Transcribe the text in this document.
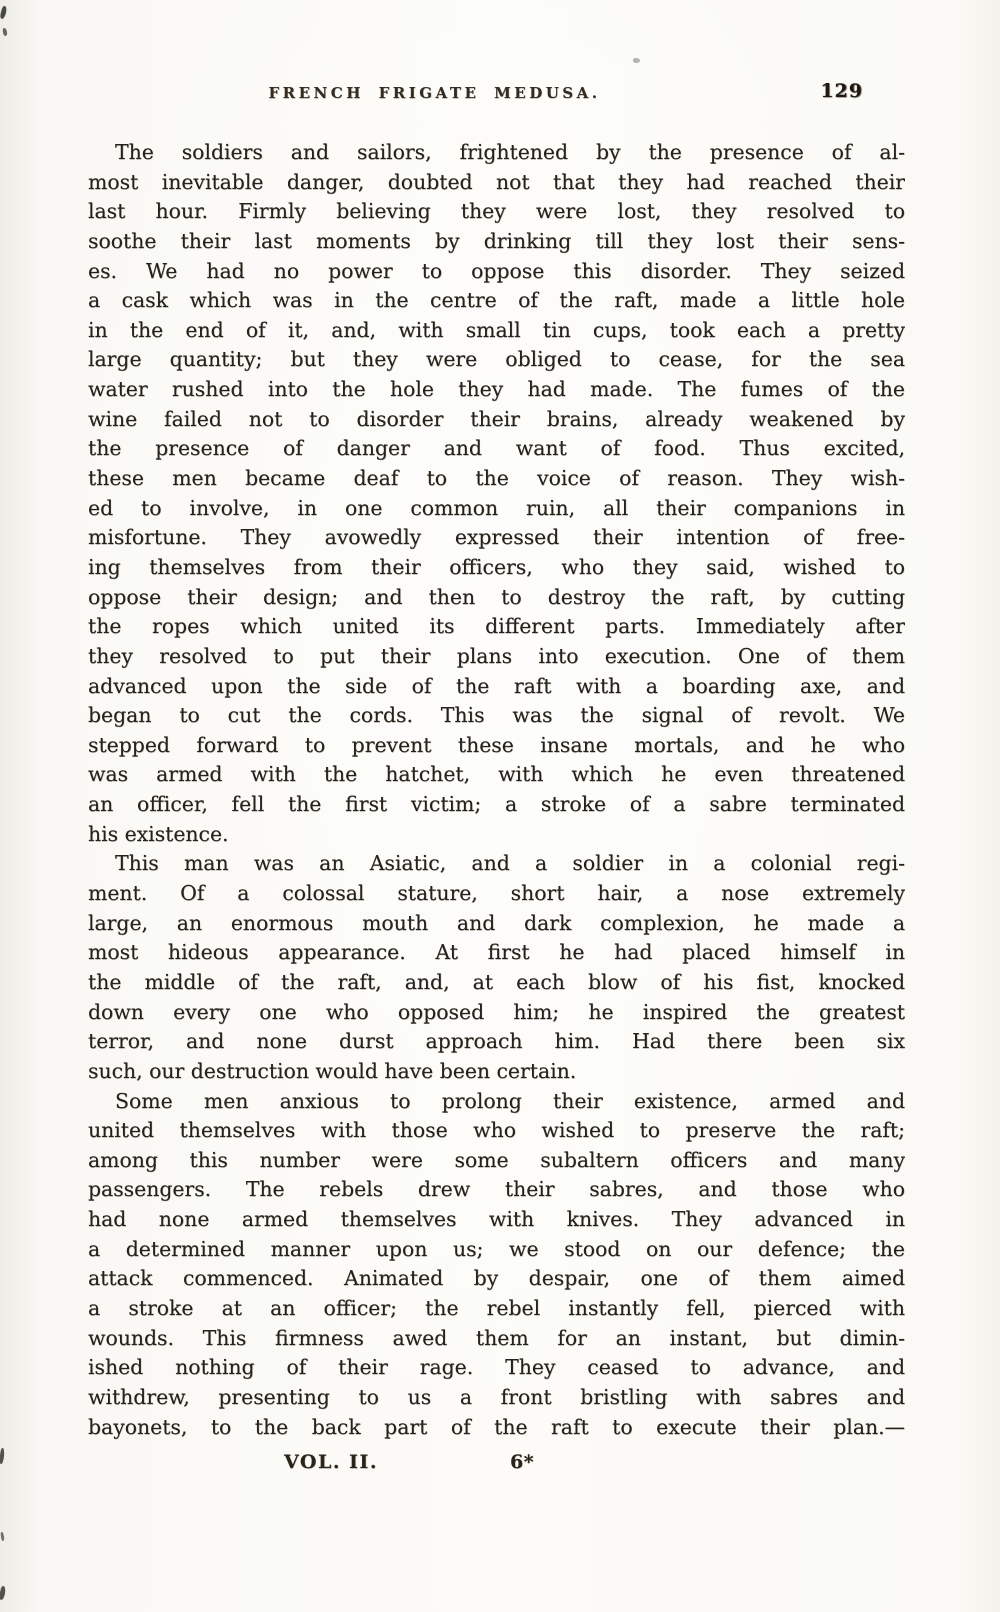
FRENCH FRIGATE MEDUSA.	129
The soldiers and sailors, frightened by the presence of al-
most inevitable danger, doubted not that they had reached their
last hour. Firmly believing they were lost, they resolved to
soothe their last moments by drinking till they lost their sens-
es. We had no power to oppose this disorder. They seized
a cask which was in the centre of the raft, made a little hole
in the end of it, and, with small tin cups, took each a pretty
large quantity; but they were obliged to cease, for the sea
water rushed into the hole they had made. The fumes of the
wine failed not to disorder their brains, already weakened by
the presence of danger and want of food. Thus excited,
these men became deaf to the voice of reason. They wish-
ed to involve, in one common ruin, all their companions in
misfortune. They avowedly expressed their intention of free-
ing themselves from their officers, who they said, wished to
oppose their design; and then to destroy the raft, by cutting
the ropes which united its different parts. Immediately after
they resolved to put their plans into execution. One of them
advanced upon the side of the raft with a boarding axe, and
began to cut the cords. This was the signal of revolt. We
stepped forward to prevent these insane mortals, and he who
was armed with the hatchet, with which he even threatened
an officer, fell the first victim; a stroke of a sabre terminated
his existence.
This man was an Asiatic, and a soldier in a colonial regi-
ment. Of a colossal stature, short hair, a nose extremely
large, an enormous mouth and dark complexion, he made a
most hideous appearance. At first he had placed himself in
the middle of the raft, and, at each blow of his fist, knocked
down every one who opposed him; he inspired the greatest
terror, and none durst approach him. Had there been six
such, our destruction would have been certain.
Some men anxious to prolong their existence, armed and
united themselves with those who wished to preserve the raft;
among this number were some subaltern officers and many
passengers. The rebels drew their sabres, and those who
had none armed themselves with knives. They advanced in
a determined manner upon us; we stood on our defence; the
attack commenced. Animated by despair, one of them aimed
a stroke at an officer; the rebel instantly fell, pierced with
wounds. This firmness awed them for an instant, but dimin-
ished nothing of their rage. They ceased to advance, and
withdrew, presenting to us a front bristling with sabres and
bayonets, to the back part of the raft to execute their plan.—
VOL. II.	6*
